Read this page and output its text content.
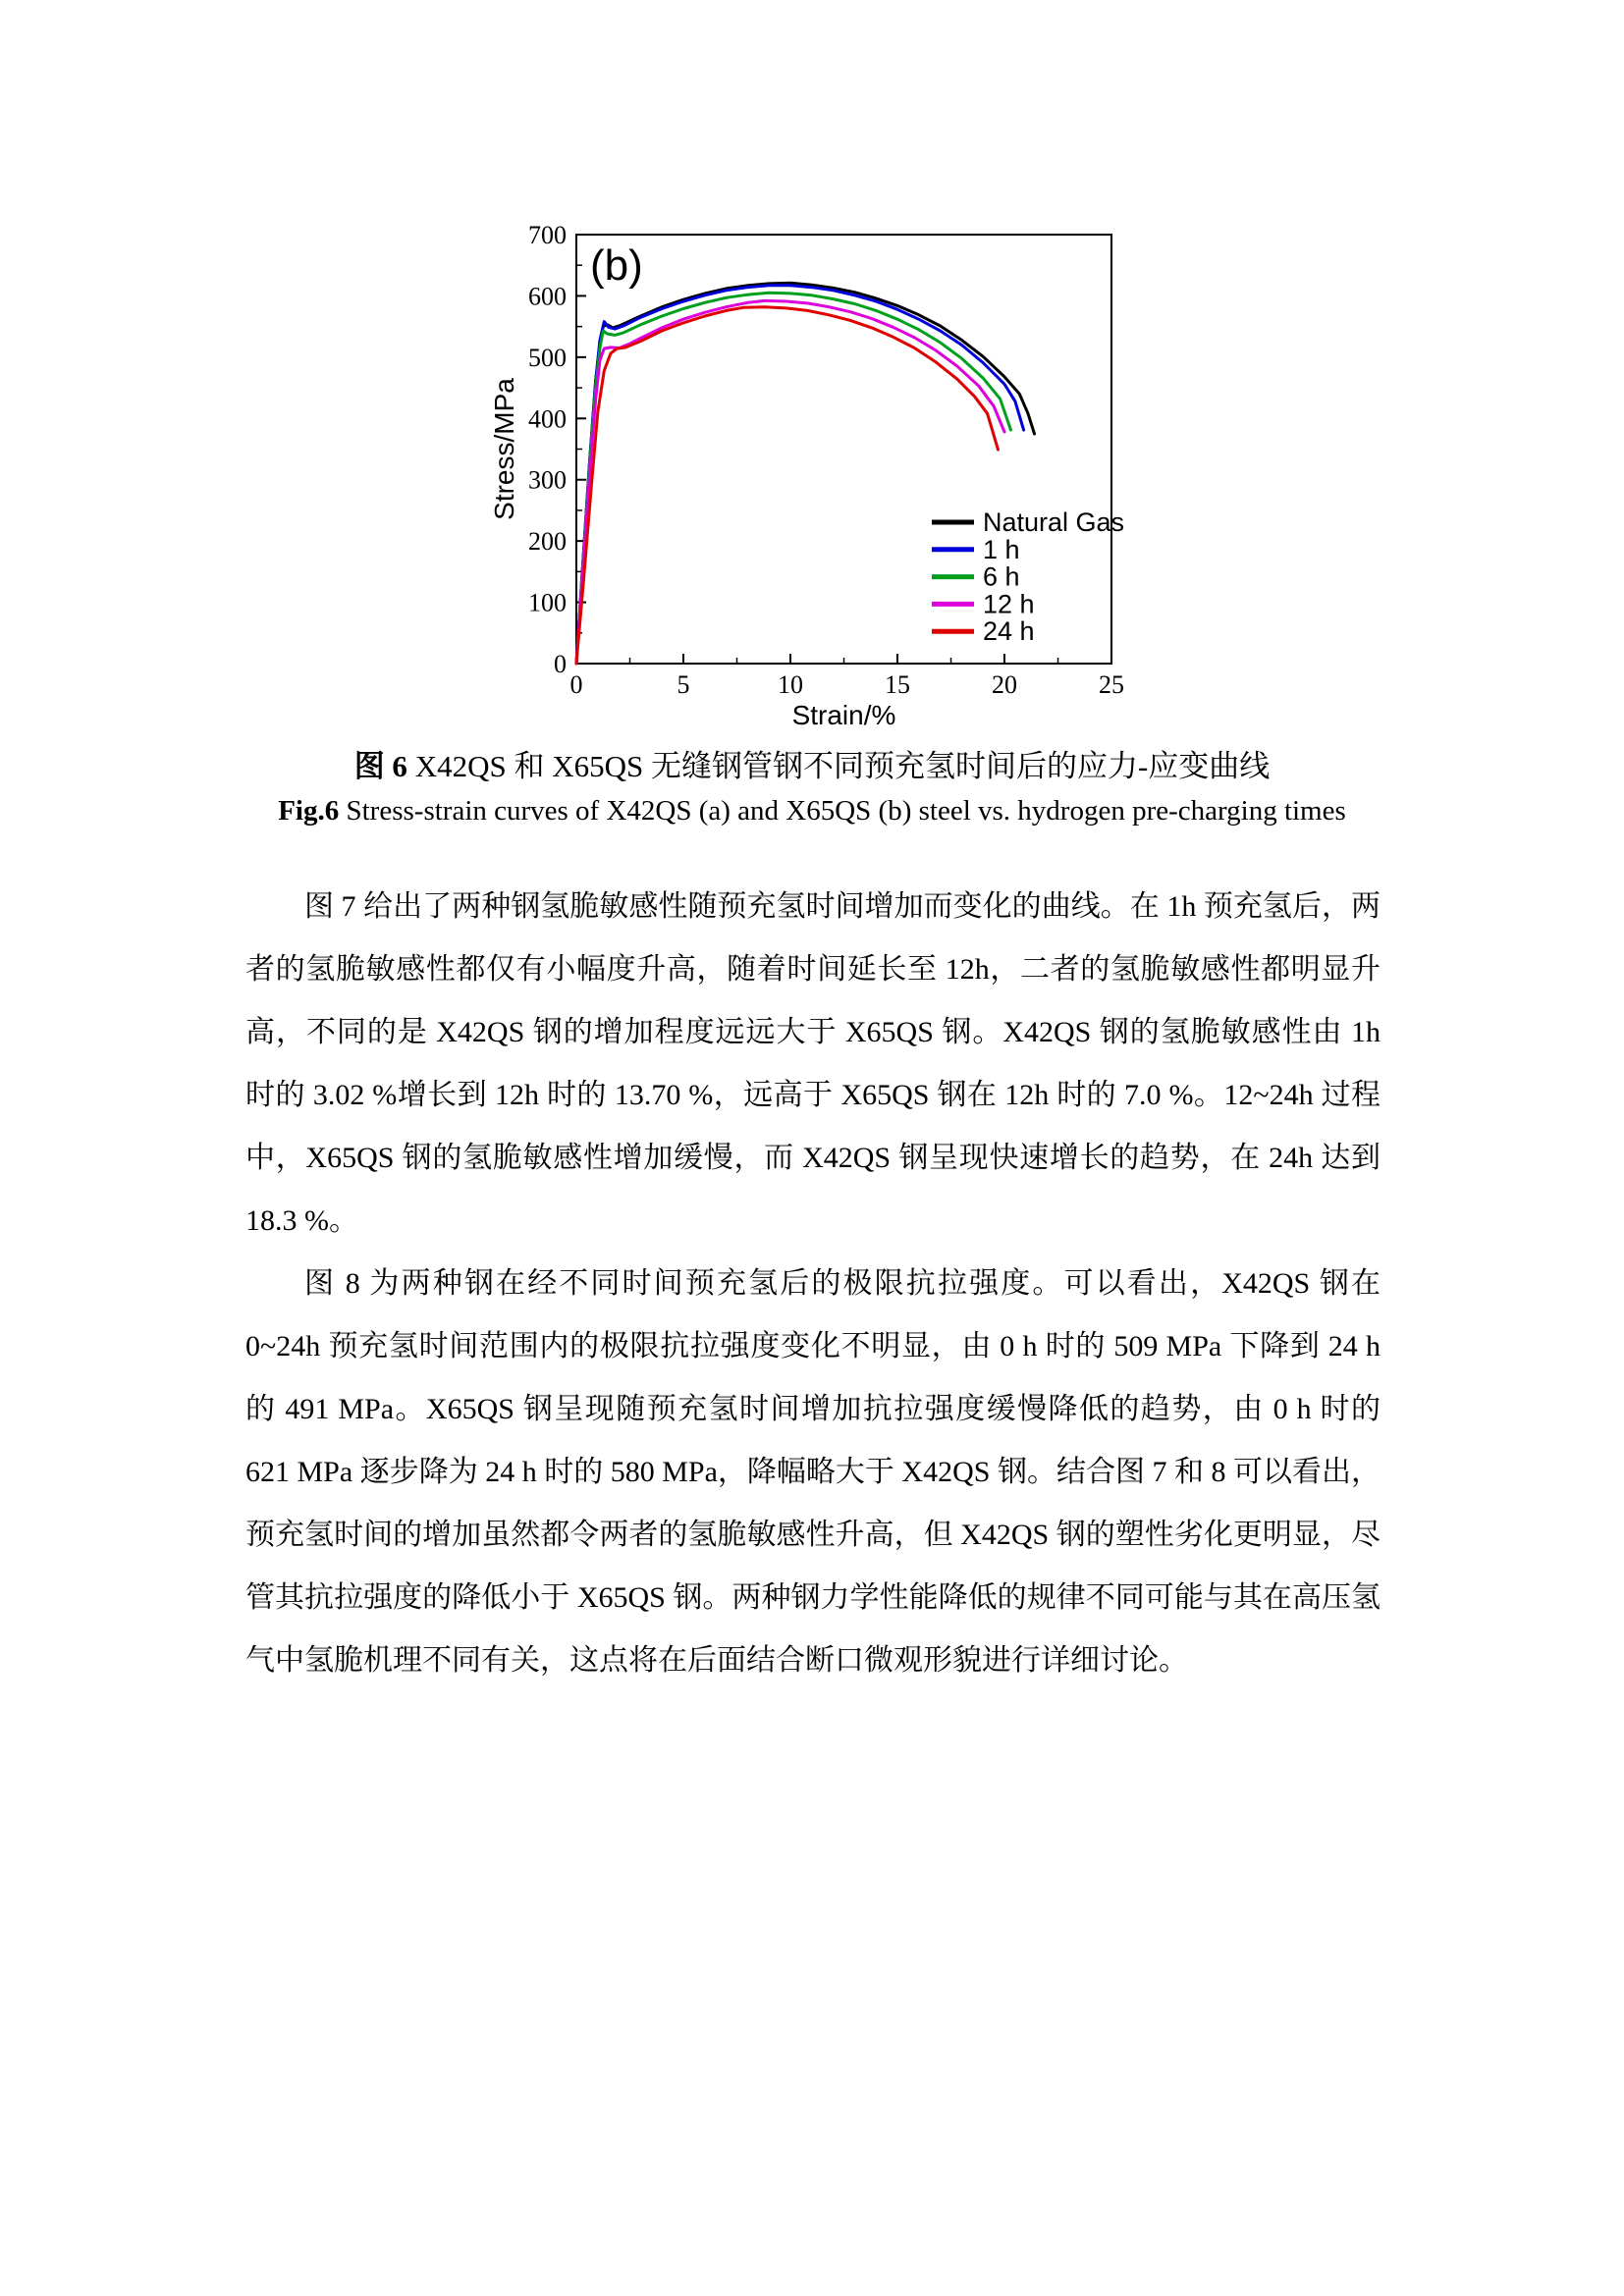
0	5	10	15	20	25
0
100
200
300
400
500
600
700
Strain/%
Stress/MPa
(b)
Natural Gas
1 h
6 h
12 h
24 h
图 6 X42QS 和 X65QS 无缝钢管钢不同预充氢时间后的应力-应变曲线
Fig.6 Stress-strain curves of X42QS (a) and X65QS (b) steel vs. hydrogen pre-charging times

图 7 给出了两种钢氢脆敏感性随预充氢时间增加而变化的曲线。在 1h 预充氢后，两者的氢脆敏感性都仅有小幅度升高，随着时间延长至 12h，二者的氢脆敏感性都明显升高，不同的是 X42QS 钢的增加程度远远大于 X65QS 钢。X42QS 钢的氢脆敏感性由 1h 时的 3.02 %增长到 12h 时的 13.70 %，远高于 X65QS 钢在 12h 时的 7.0 %。12~24h 过程中，X65QS 钢的氢脆敏感性增加缓慢，而 X42QS 钢呈现快速增长的趋势，在 24h 达到 18.3 %。

图 8 为两种钢在经不同时间预充氢后的极限抗拉强度。可以看出，X42QS 钢在 0~24h 预充氢时间范围内的极限抗拉强度变化不明显，由 0 h 时的 509 MPa 下降到 24 h 的 491 MPa。X65QS 钢呈现随预充氢时间增加抗拉强度缓慢降低的趋势，由 0 h 时的 621 MPa 逐步降为 24 h 时的 580 MPa，降幅略大于 X42QS 钢。结合图 7 和 8 可以看出，预充氢时间的增加虽然都令两者的氢脆敏感性升高，但 X42QS 钢的塑性劣化更明显，尽管其抗拉强度的降低小于 X65QS 钢。两种钢力学性能降低的规律不同可能与其在高压氢气中氢脆机理不同有关，这点将在后面结合断口微观形貌进行详细讨论。
